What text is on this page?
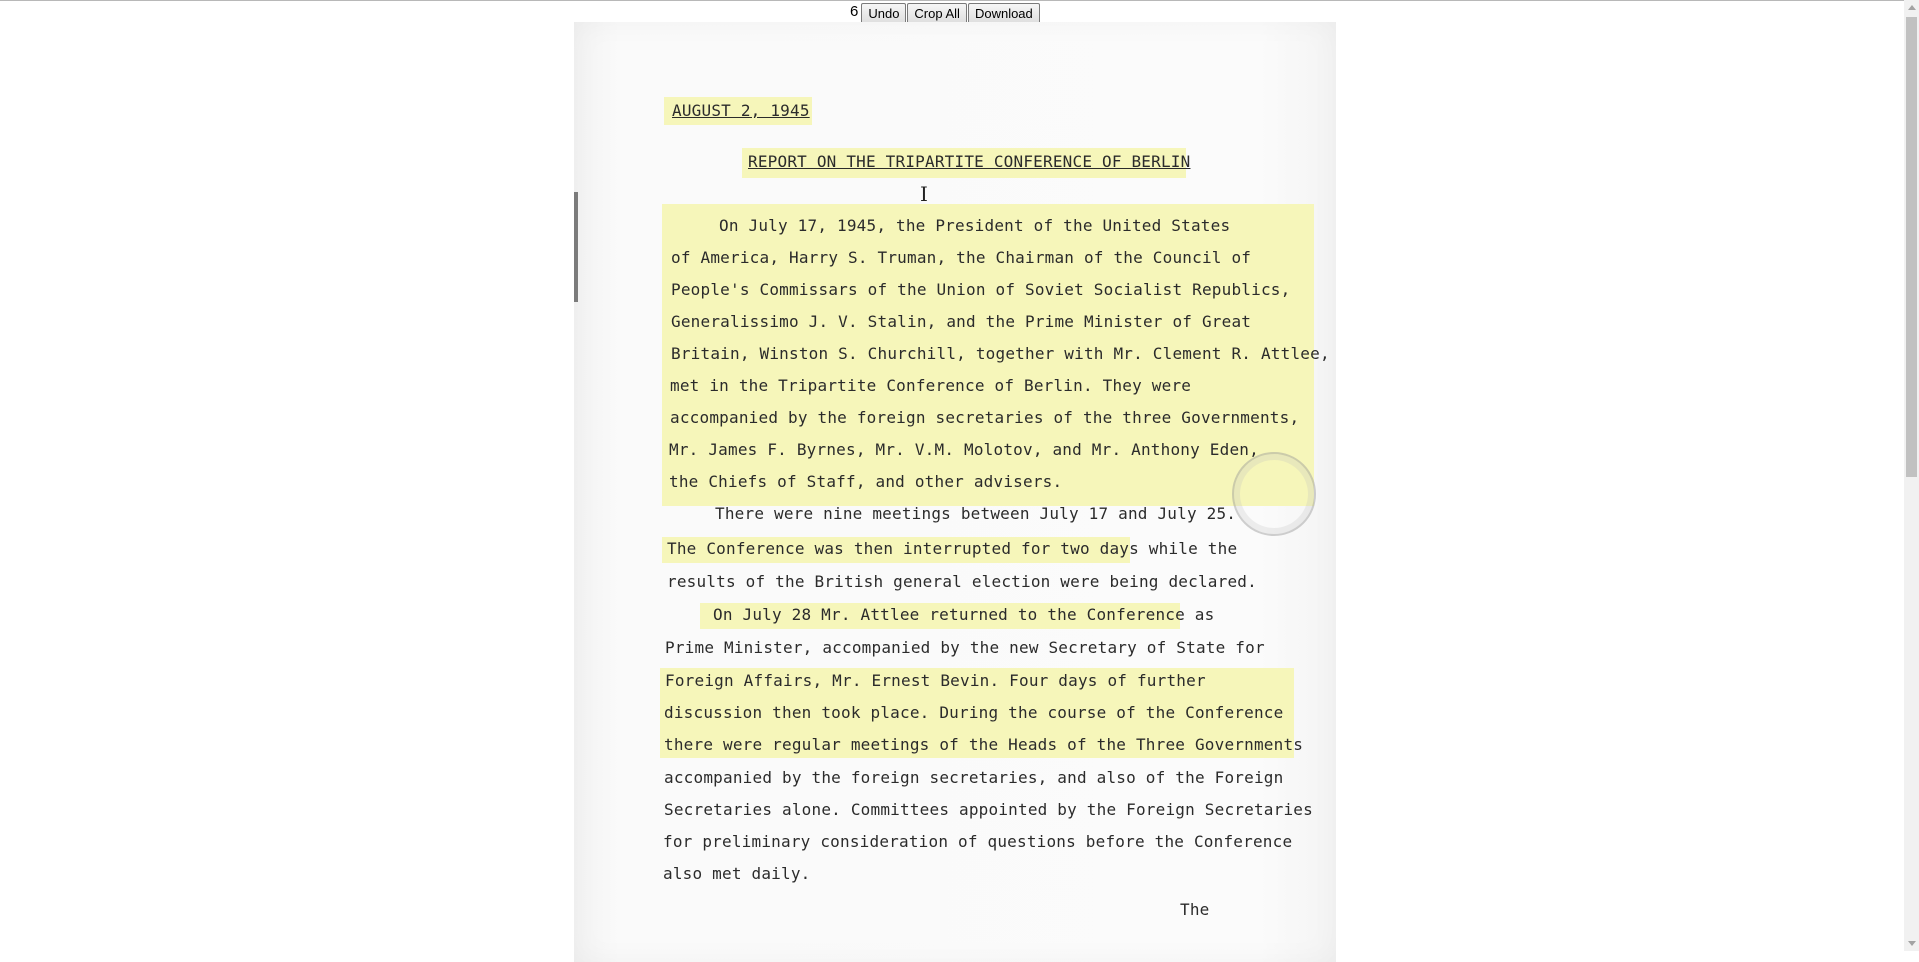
6 Undo	Crop All	Download
AUGUST 2, 1945
REPORT ON THE TRIPARTITE CONFERENCE OF BERLIN
I
On July 17, 1945, the President of the United States
of America, Harry S. Truman, the Chairman of the Council of
People's Commissars of the Union of Soviet Socialist Republics,
Generalissimo J. V. Stalin, and the Prime Minister of Great
Britain, Winston S. Churchill, together with Mr. Clement R. Attlee,
met in the Tripartite Conference of Berlin. They were
accompanied by the foreign secretaries of the three Governments,
Mr. James F. Byrnes, Mr. V.M. Molotov, and Mr. Anthony Eden,
the Chiefs of Staff, and other advisers.
There were nine meetings between July 17 and July 25.
The Conference was then interrupted for two days while the
results of the British general election were being declared.
On July 28 Mr. Attlee returned to the Conference as
Prime Minister, accompanied by the new Secretary of State for
Foreign Affairs, Mr. Ernest Bevin. Four days of further
discussion then took place. During the course of the Conference
there were regular meetings of the Heads of the Three Governments
accompanied by the foreign secretaries, and also of the Foreign
Secretaries alone. Committees appointed by the Foreign Secretaries
for preliminary consideration of questions before the Conference
also met daily.
The
